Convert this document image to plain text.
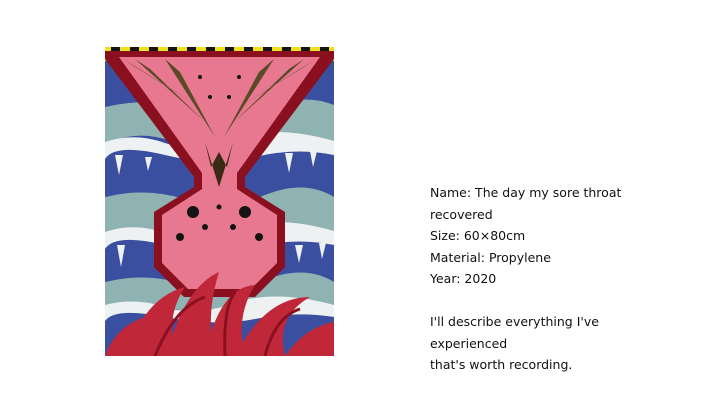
Name: The day my sore throat

recovered

Size: 60×80cm

Material: Propylene

Year: 2020

I'll describe everything I've experienced

that's worth recording.
